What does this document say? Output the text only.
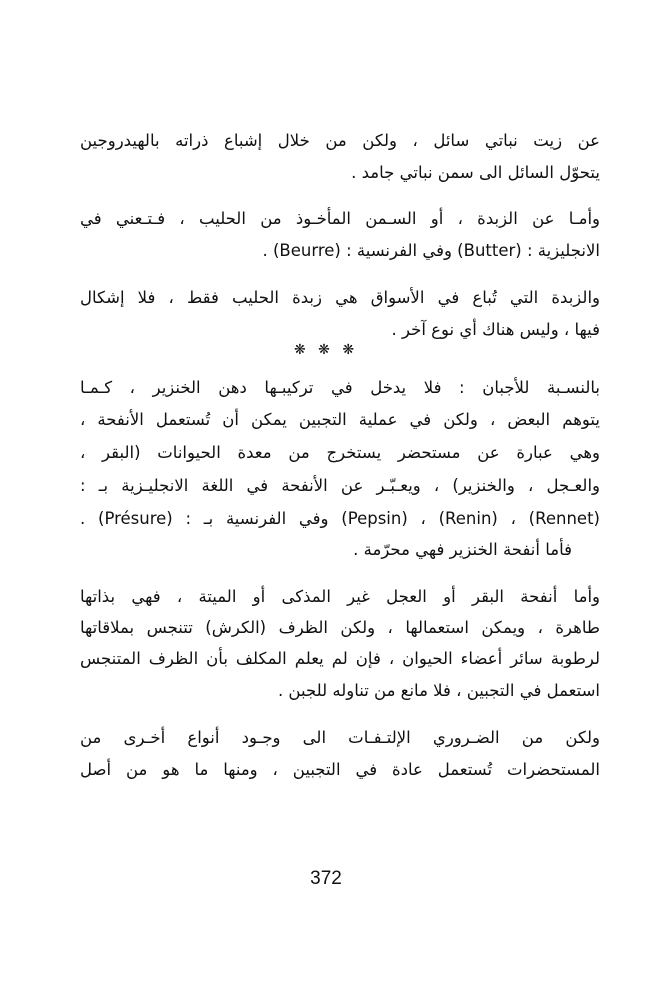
عن زيت نباتي سائل ، ولكن من خلال إشباع ذراته بالهيدروجين
يتحوّل السائل الى سمن نباتي جامد .
وأمـا عن الزبدة ، أو السـمن المأخـوذ من الحليب ، فـتـعني في
الانجليزية : (Butter) وفي الفرنسية : (Beurre) .
والزبدة التي تُباع في الأسواق هي زبدة الحليب فقط ، فلا إشكال
فيها ، وليس هناك أي نوع آخر .
❋ ❋ ❋
بالنسـبة للأجبان : فلا يدخل في تركيبـها دهن الخنزير ، كـمـا
يتوهم البعض ، ولكن في عملية التجبين يمكن أن تُستعمل الأنفحة ،
وهي عبارة عن مستحضر يستخرج من معدة الحيوانات (البقر ،
والعـجل ، والخنزير) ، ويعـبّـر عن الأنفحة في اللغة الانجليـزية بـ :
(Rennet) ، (Renin) ، (Pepsin) وفي الفرنسية بـ : (Présure) .
فأما أنفحة الخنزير فهي محرّمة .
وأما أنفحة البقر أو العجل غير المذكى أو الميتة ، فهي بذاتها
طاهرة ، ويمكن استعمالها ، ولكن الظرف (الكرش) تتنجس بملاقاتها
لرطوبة سائر أعضاء الحيوان ، فإن لم يعلم المكلف بأن الظرف المتنجس
استعمل في التجبين ، فلا مانع من تناوله للجبن .
ولكن من الضـروري الإلتـفـات الى وجـود أنواع أخـرى من
المستحضرات تُستعمل عادة في التجبين ، ومنها ما هو من أصل
372
